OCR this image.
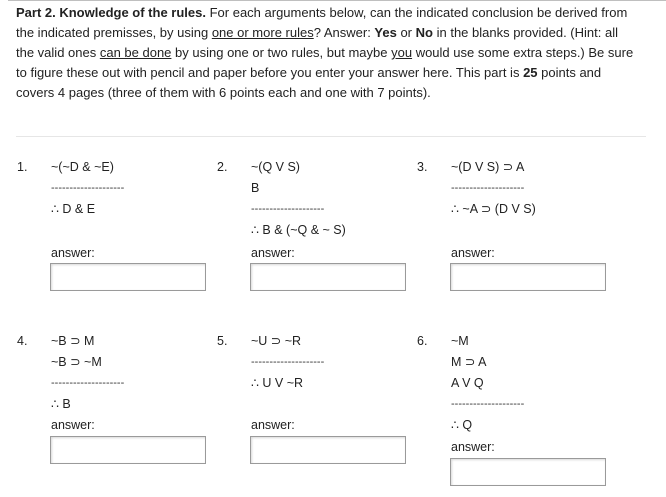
Part 2. Knowledge of the rules. For each arguments below, can the indicated conclusion be derived from
the indicated premisses, by using one or more rules? Answer: Yes or No in the blanks provided. (Hint: all
the valid ones can be done by using one or two rules, but maybe you would use some extra steps.) Be sure
to figure these out with pencil and paper before you enter your answer here. This part is 25 points and
covers 4 pages (three of them with 6 points each and one with 7 points).
1. ~(~D & ~E)
--------------------
∴ D & E
answer:
2. ~(Q V S)
B
--------------------
∴ B & (~Q & ~ S)
answer:
3. ~(D V S) ⊃ A
--------------------
∴ ~A ⊃ (D V S)
answer:
4. ~B ⊃ M
~B ⊃ ~M
--------------------
∴ B
answer:
5. ~U ⊃ ~R
--------------------
∴ U V ~R
answer:
6. ~M
M ⊃ A
A V Q
--------------------
∴ Q
answer:
